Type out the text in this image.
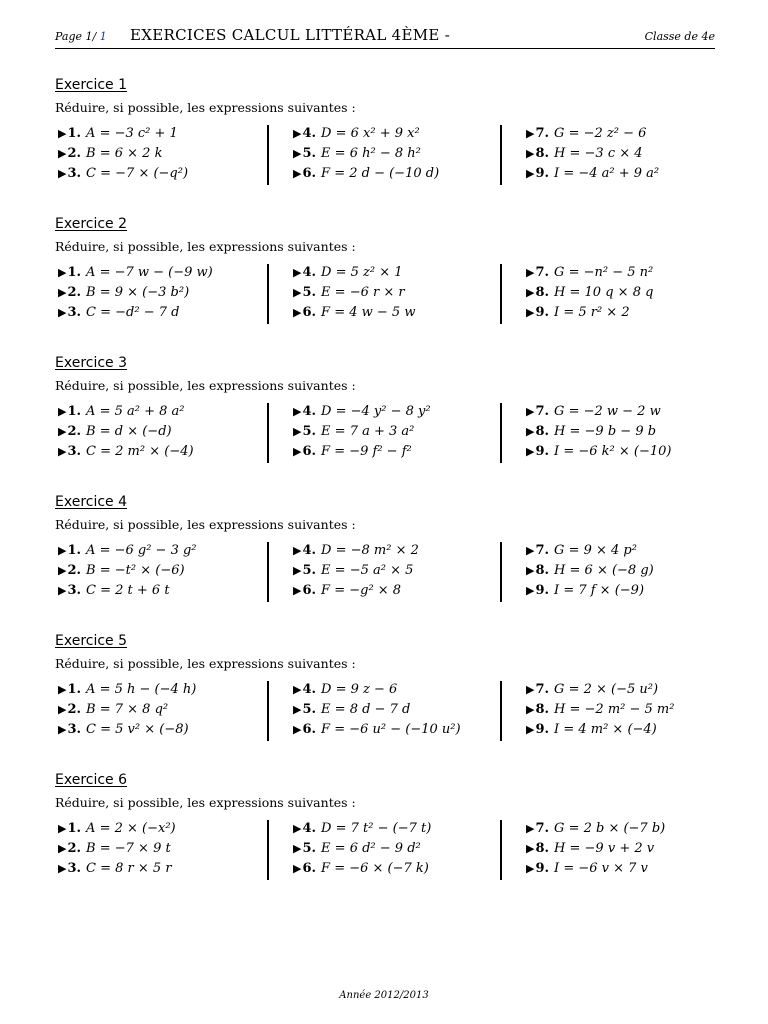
Page 1/ 1 EXERCICES CALCUL LITTÉRAL 4ÈME -	Classe de 4e
Exercice 1
Réduire, si possible, les expressions suivantes :
▶1. A = −3 c² + 1
▶2. B = 6 × 2 k
▶3. C = −7 × (−q²)
▶4. D = 6 x² + 9 x²
▶5. E = 6 h² − 8 h²
▶6. F = 2 d − (−10 d)
▶7. G = −2 z² − 6
▶8. H = −3 c × 4
▶9. I = −4 a² + 9 a²
Exercice 2
Réduire, si possible, les expressions suivantes :
▶1. A = −7 w − (−9 w)
▶2. B = 9 × (−3 b²)
▶3. C = −d² − 7 d
▶4. D = 5 z² × 1
▶5. E = −6 r × r
▶6. F = 4 w − 5 w
▶7. G = −n² − 5 n²
▶8. H = 10 q × 8 q
▶9. I = 5 r² × 2
Exercice 3
Réduire, si possible, les expressions suivantes :
▶1. A = 5 a² + 8 a²
▶2. B = d × (−d)
▶3. C = 2 m² × (−4)
▶4. D = −4 y² − 8 y²
▶5. E = 7 a + 3 a²
▶6. F = −9 f² − f²
▶7. G = −2 w − 2 w
▶8. H = −9 b − 9 b
▶9. I = −6 k² × (−10)
Exercice 4
Réduire, si possible, les expressions suivantes :
▶1. A = −6 g² − 3 g²
▶2. B = −t² × (−6)
▶3. C = 2 t + 6 t
▶4. D = −8 m² × 2
▶5. E = −5 a² × 5
▶6. F = −g² × 8
▶7. G = 9 × 4 p²
▶8. H = 6 × (−8 g)
▶9. I = 7 f × (−9)
Exercice 5
Réduire, si possible, les expressions suivantes :
▶1. A = 5 h − (−4 h)
▶2. B = 7 × 8 q²
▶3. C = 5 v² × (−8)
▶4. D = 9 z − 6
▶5. E = 8 d − 7 d
▶6. F = −6 u² − (−10 u²)
▶7. G = 2 × (−5 u²)
▶8. H = −2 m² − 5 m²
▶9. I = 4 m² × (−4)
Exercice 6
Réduire, si possible, les expressions suivantes :
▶1. A = 2 × (−x²)
▶2. B = −7 × 9 t
▶3. C = 8 r × 5 r
▶4. D = 7 t² − (−7 t)
▶5. E = 6 d² − 9 d²
▶6. F = −6 × (−7 k)
▶7. G = 2 b × (−7 b)
▶8. H = −9 v + 2 v
▶9. I = −6 v × 7 v
Année 2012/2013
